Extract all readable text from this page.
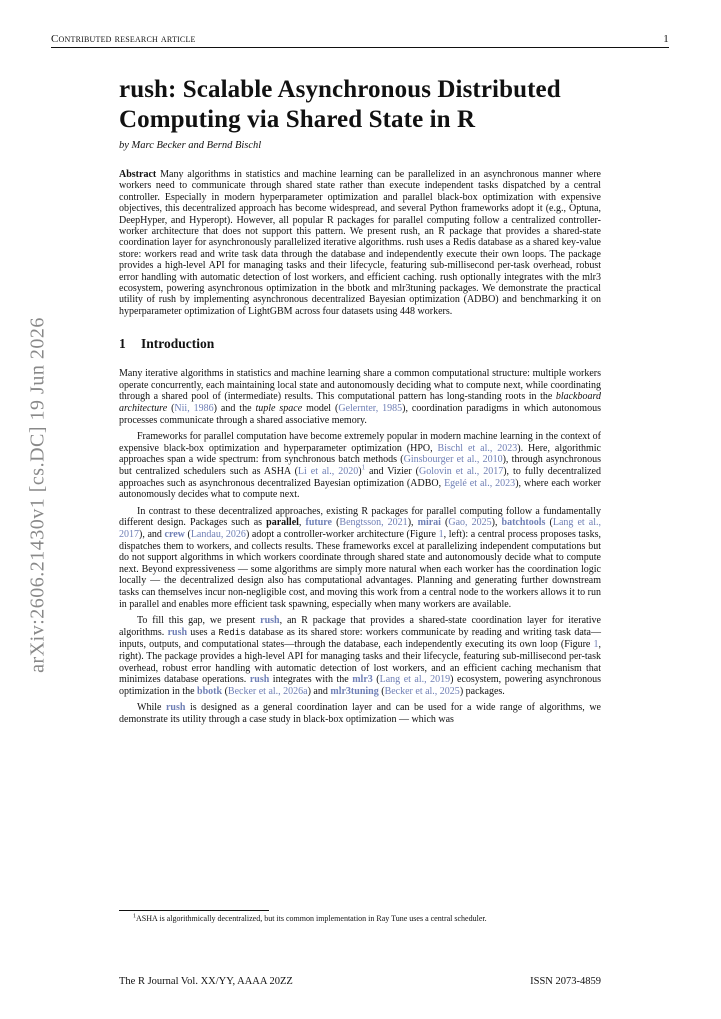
Contributed research article	1
arXiv:2606.21430v1 [cs.DC] 19 Jun 2026
rush: Scalable Asynchronous Distributed Computing via Shared State in R
by Marc Becker and Bernd Bischl
Abstract Many algorithms in statistics and machine learning can be parallelized in an asynchronous manner where workers need to communicate through shared state rather than execute independent tasks dispatched by a central controller. Especially in modern hyperparameter optimization and parallel black-box optimization with expensive objectives, this decentralized approach has become widespread, and several Python frameworks adopt it (e.g., Optuna, DeepHyper, and Hyperopt). However, all popular R packages for parallel computing follow a centralized controller-worker architecture that does not support this pattern. We present rush, an R package that provides a shared-state coordination layer for asynchronously parallelized iterative algorithms. rush uses a Redis database as a shared key-value store: workers read and write task data through the database and independently execute their own loops. The package provides a high-level API for managing tasks and their lifecycle, featuring sub-millisecond per-task overhead, robust error handling with automatic detection of lost workers, and efficient caching. rush optionally integrates with the mlr3 ecosystem, powering asynchronous optimization in the bbotk and mlr3tuning packages. We demonstrate the practical utility of rush by implementing asynchronous decentralized Bayesian optimization (ADBO) and benchmarking it on hyperparameter optimization of LightGBM across four datasets using 448 workers.
1 Introduction

Many iterative algorithms in statistics and machine learning share a common computational structure: multiple workers operate concurrently, each maintaining local state and autonomously deciding what to compute next, while coordinating through a shared pool of (intermediate) results. This computational pattern has long-standing roots in the blackboard architecture (Nii, 1986) and the tuple space model (Gelernter, 1985), coordination paradigms in which autonomous processes communicate through a shared associative memory.

Frameworks for parallel computation have become extremely popular in modern machine learning in the context of expensive black-box optimization and hyperparameter optimization (HPO, Bischl et al., 2023). Here, algorithmic approaches span a wide spectrum: from synchronous batch methods (Ginsbourger et al., 2010), through asynchronous but centralized schedulers such as ASHA (Li et al., 2020)$^1$ and Vizier (Golovin et al., 2017), to fully decentralized approaches such as asynchronous decentralized Bayesian optimization (ADBO, Egelé et al., 2023), where each worker autonomously decides what to compute next.

In contrast to these decentralized approaches, existing R packages for parallel computing follow a fundamentally different design. Packages such as parallel, future (Bengtsson, 2021), mirai (Gao, 2025), batchtools (Lang et al., 2017), and crew (Landau, 2026) adopt a controller-worker architecture (Figure 1, left): a central process proposes tasks, dispatches them to workers, and collects results. These frameworks excel at parallelizing independent computations but do not support algorithms in which workers coordinate through shared state and autonomously decide what to compute next. Beyond expressiveness — some algorithms are simply more natural when each worker has the coordination logic locally — the decentralized design also has computational advantages. Planning and generating further downstream tasks can themselves incur non-negligible cost, and moving this work from a central node to the workers allows it to run in parallel and enables more efficient task spawning, especially when many workers are available.

To fill this gap, we present rush, an R package that provides a shared-state coordination layer for iterative algorithms. rush uses a Redis database as its shared store: workers communicate by reading and writing task data—inputs, outputs, and computational states—through the database, each independently executing its own loop (Figure 1, right). The package provides a high-level API for managing tasks and their lifecycle, featuring sub-millisecond per-task overhead, robust error handling with automatic detection of lost workers, and an efficient caching mechanism that minimizes database operations. rush integrates with the mlr3 (Lang et al., 2019) ecosystem, powering asynchronous optimization in the bbotk (Becker et al., 2026a) and mlr3tuning (Becker et al., 2025) packages.

While rush is designed as a general coordination layer and can be used for a wide range of algorithms, we demonstrate its utility through a case study in black-box optimization — which was

$^1$ASHA is algorithmically decentralized, but its common implementation in Ray Tune uses a central scheduler.
The R Journal Vol. XX/YY, AAAA 20ZZ	ISSN 2073-4859
